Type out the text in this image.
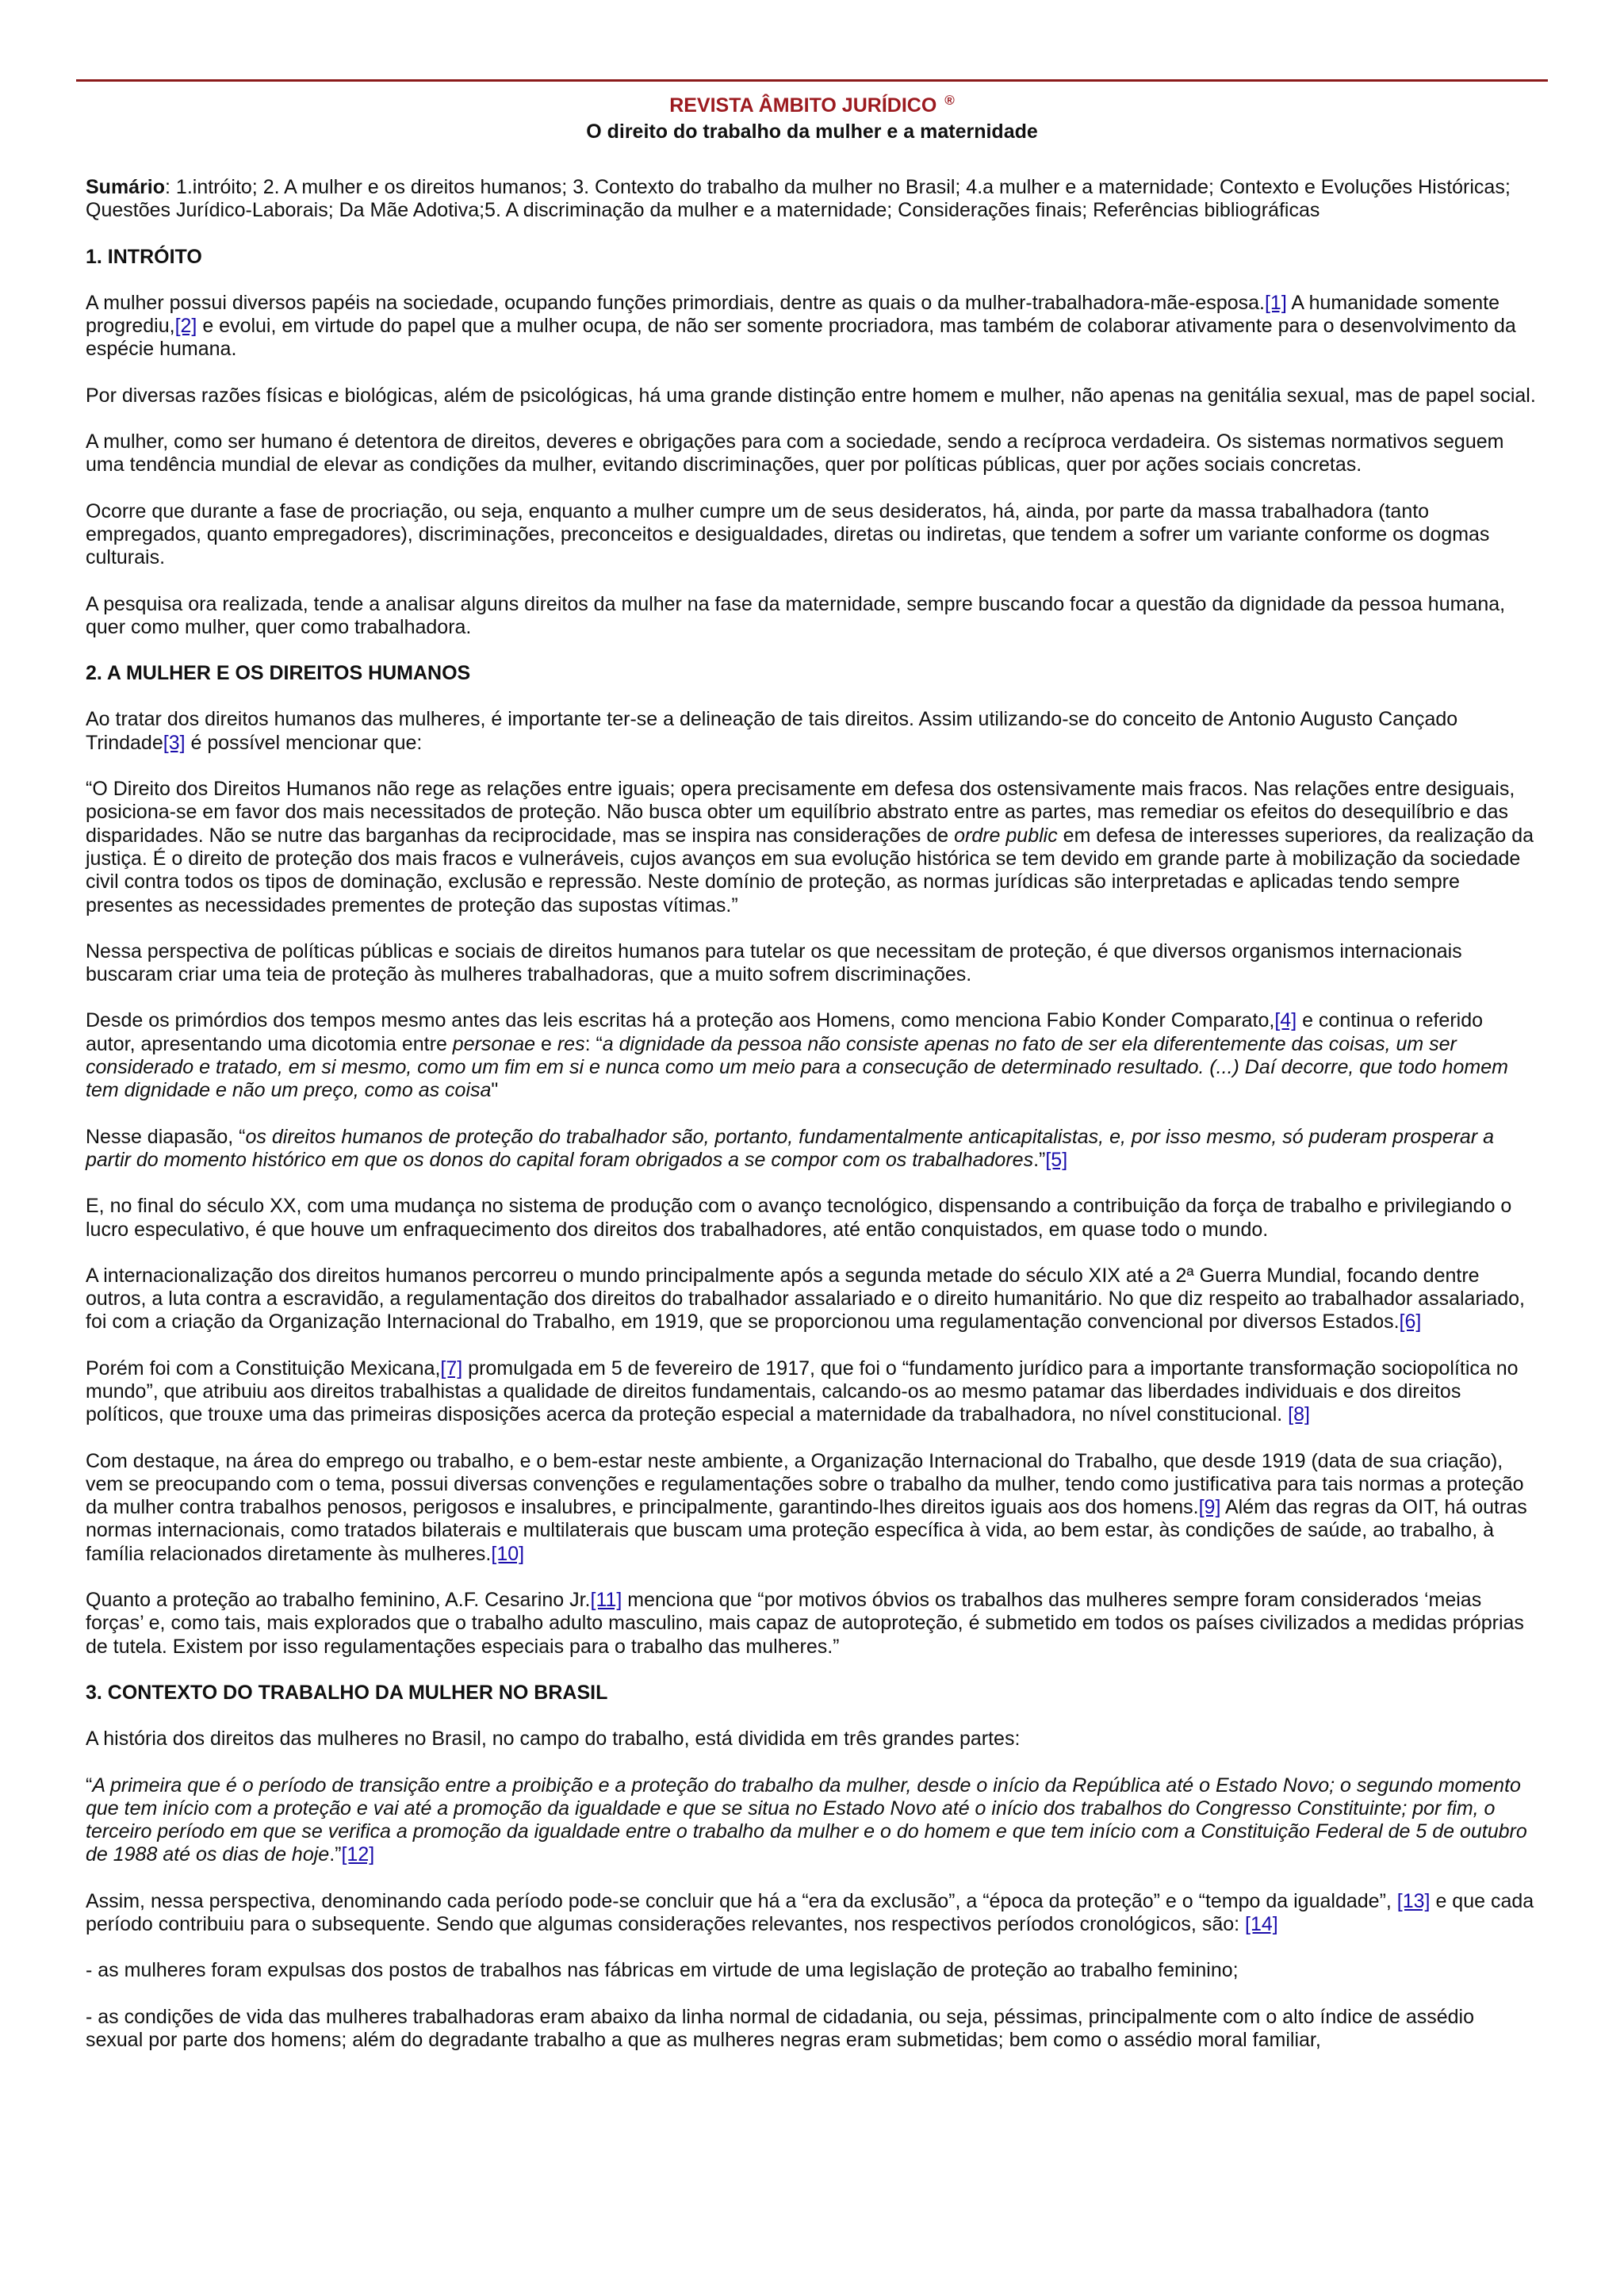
REVISTA ÂMBITO JURÍDICO ®
O direito do trabalho da mulher e a maternidade

Sumário: 1.intróito; 2. A mulher e os direitos humanos; 3. Contexto do trabalho da mulher no Brasil; 4.a mulher e a maternidade; Contexto e Evoluções Históricas; Questões Jurídico-Laborais; Da Mãe Adotiva;5. A discriminação da mulher e a maternidade; Considerações finais; Referências bibliográficas

1. INTRÓITO

A mulher possui diversos papéis na sociedade, ocupando funções primordiais, dentre as quais o da mulher-trabalhadora-mãe-esposa.[1] A humanidade somente progrediu,[2] e evolui, em virtude do papel que a mulher ocupa, de não ser somente procriadora, mas também de colaborar ativamente para o desenvolvimento da espécie humana.

Por diversas razões físicas e biológicas, além de psicológicas, há uma grande distinção entre homem e mulher, não apenas na genitália sexual, mas de papel social.

A mulher, como ser humano é detentora de direitos, deveres e obrigações para com a sociedade, sendo a recíproca verdadeira. Os sistemas normativos seguem uma tendência mundial de elevar as condições da mulher, evitando discriminações, quer por políticas públicas, quer por ações sociais concretas.

Ocorre que durante a fase de procriação, ou seja, enquanto a mulher cumpre um de seus desideratos, há, ainda, por parte da massa trabalhadora (tanto empregados, quanto empregadores), discriminações, preconceitos e desigualdades, diretas ou indiretas, que tendem a sofrer um variante conforme os dogmas culturais.

A pesquisa ora realizada, tende a analisar alguns direitos da mulher na fase da maternidade, sempre buscando focar a questão da dignidade da pessoa humana, quer como mulher, quer como trabalhadora.

2. A MULHER E OS DIREITOS HUMANOS

Ao tratar dos direitos humanos das mulheres, é importante ter-se a delineação de tais direitos. Assim utilizando-se do conceito de Antonio Augusto Cançado Trindade[3] é possível mencionar que:

“O Direito dos Direitos Humanos não rege as relações entre iguais; opera precisamente em defesa dos ostensivamente mais fracos. Nas relações entre desiguais, posiciona-se em favor dos mais necessitados de proteção. Não busca obter um equilíbrio abstrato entre as partes, mas remediar os efeitos do desequilíbrio e das disparidades. Não se nutre das barganhas da reciprocidade, mas se inspira nas considerações de ordre public em defesa de interesses superiores, da realização da justiça. É o direito de proteção dos mais fracos e vulneráveis, cujos avanços em sua evolução histórica se tem devido em grande parte à mobilização da sociedade civil contra todos os tipos de dominação, exclusão e repressão. Neste domínio de proteção, as normas jurídicas são interpretadas e aplicadas tendo sempre presentes as necessidades prementes de proteção das supostas vítimas.”

Nessa perspectiva de políticas públicas e sociais de direitos humanos para tutelar os que necessitam de proteção, é que diversos organismos internacionais buscaram criar uma teia de proteção às mulheres trabalhadoras, que a muito sofrem discriminações.

Desde os primórdios dos tempos mesmo antes das leis escritas há a proteção aos Homens, como menciona Fabio Konder Comparato,[4] e continua o referido autor, apresentando uma dicotomia entre personae e res: “a dignidade da pessoa não consiste apenas no fato de ser ela diferentemente das coisas, um ser considerado e tratado, em si mesmo, como um fim em si e nunca como um meio para a consecução de determinado resultado. (...) Daí decorre, que todo homem tem dignidade e não um preço, como as coisa"

Nesse diapasão, “os direitos humanos de proteção do trabalhador são, portanto, fundamentalmente anticapitalistas, e, por isso mesmo, só puderam prosperar a partir do momento histórico em que os donos do capital foram obrigados a se compor com os trabalhadores.”[5]

E, no final do século XX, com uma mudança no sistema de produção com o avanço tecnológico, dispensando a contribuição da força de trabalho e privilegiando o lucro especulativo, é que houve um enfraquecimento dos direitos dos trabalhadores, até então conquistados, em quase todo o mundo.

A internacionalização dos direitos humanos percorreu o mundo principalmente após a segunda metade do século XIX até a 2ª Guerra Mundial, focando dentre outros, a luta contra a escravidão, a regulamentação dos direitos do trabalhador assalariado e o direito humanitário. No que diz respeito ao trabalhador assalariado, foi com a criação da Organização Internacional do Trabalho, em 1919, que se proporcionou uma regulamentação convencional por diversos Estados.[6]

Porém foi com a Constituição Mexicana,[7] promulgada em 5 de fevereiro de 1917, que foi o “fundamento jurídico para a importante transformação sociopolítica no mundo”, que atribuiu aos direitos trabalhistas a qualidade de direitos fundamentais, calcando-os ao mesmo patamar das liberdades individuais e dos direitos políticos, que trouxe uma das primeiras disposições acerca da proteção especial a maternidade da trabalhadora, no nível constitucional. [8]

Com destaque, na área do emprego ou trabalho, e o bem-estar neste ambiente, a Organização Internacional do Trabalho, que desde 1919 (data de sua criação), vem se preocupando com o tema, possui diversas convenções e regulamentações sobre o trabalho da mulher, tendo como justificativa para tais normas a proteção da mulher contra trabalhos penosos, perigosos e insalubres, e principalmente, garantindo-lhes direitos iguais aos dos homens.[9] Além das regras da OIT, há outras normas internacionais, como tratados bilaterais e multilaterais que buscam uma proteção específica à vida, ao bem estar, às condições de saúde, ao trabalho, à família relacionados diretamente às mulheres.[10]

Quanto a proteção ao trabalho feminino, A.F. Cesarino Jr.[11] menciona que “por motivos óbvios os trabalhos das mulheres sempre foram considerados ‘meias forças’ e, como tais, mais explorados que o trabalho adulto masculino, mais capaz de autoproteção, é submetido em todos os países civilizados a medidas próprias de tutela. Existem por isso regulamentações especiais para o trabalho das mulheres.”

3. CONTEXTO DO TRABALHO DA MULHER NO BRASIL

A história dos direitos das mulheres no Brasil, no campo do trabalho, está dividida em três grandes partes:

“A primeira que é o período de transição entre a proibição e a proteção do trabalho da mulher, desde o início da República até o Estado Novo; o segundo momento que tem início com a proteção e vai até a promoção da igualdade e que se situa no Estado Novo até o início dos trabalhos do Congresso Constituinte; por fim, o terceiro período em que se verifica a promoção da igualdade entre o trabalho da mulher e o do homem e que tem início com a Constituição Federal de 5 de outubro de 1988 até os dias de hoje.”[12]

Assim, nessa perspectiva, denominando cada período pode-se concluir que há a “era da exclusão”, a “época da proteção” e o “tempo da igualdade”, [13] e que cada período contribuiu para o subsequente. Sendo que algumas considerações relevantes, nos respectivos períodos cronológicos, são: [14]

- as mulheres foram expulsas dos postos de trabalhos nas fábricas em virtude de uma legislação de proteção ao trabalho feminino;

- as condições de vida das mulheres trabalhadoras eram abaixo da linha normal de cidadania, ou seja, péssimas, principalmente com o alto índice de assédio sexual por parte dos homens; além do degradante trabalho a que as mulheres negras eram submetidas; bem como o assédio moral familiar,
